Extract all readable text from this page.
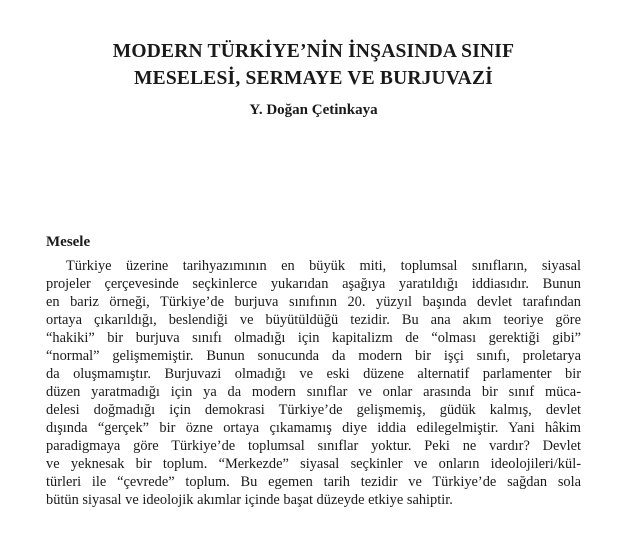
MODERN TÜRKİYE’NİN İNŞASINDA SINIF
MESELESİ, SERMAYE VE BURJUVAZİ
Y. Doğan Çetinkaya
Mesele
Türkiye üzerine tarihyazımının en büyük miti, toplumsal sınıfların, siyasal
projeler çerçevesinde seçkinlerce yukarıdan aşağıya yaratıldığı iddiasıdır. Bunun
en bariz örneği, Türkiye’de burjuva sınıfının 20. yüzyıl başında devlet tarafından
ortaya çıkarıldığı, beslendiği ve büyütüldüğü tezidir. Bu ana akım teoriye göre
“hakiki” bir burjuva sınıfı olmadığı için kapitalizm de “olması gerektiği gibi”
“normal” gelişmemiştir. Bunun sonucunda da modern bir işçi sınıfı, proletarya
da oluşmamıştır. Burjuvazi olmadığı ve eski düzene alternatif parlamenter bir
düzen yaratmadığı için ya da modern sınıflar ve onlar arasında bir sınıf müca-
delesi doğmadığı için demokrasi Türkiye’de gelişmemiş, güdük kalmış, devlet
dışında “gerçek” bir özne ortaya çıkamamış diye iddia edilegelmiştir. Yani hâkim
paradigmaya göre Türkiye’de toplumsal sınıflar yoktur. Peki ne vardır? Devlet
ve yeknesak bir toplum. “Merkezde” siyasal seçkinler ve onların ideolojileri/kül-
türleri ile “çevrede” toplum. Bu egemen tarih tezidir ve Türkiye’de sağdan sola
bütün siyasal ve ideolojik akımlar içinde başat düzeyde etkiye sahiptir.
